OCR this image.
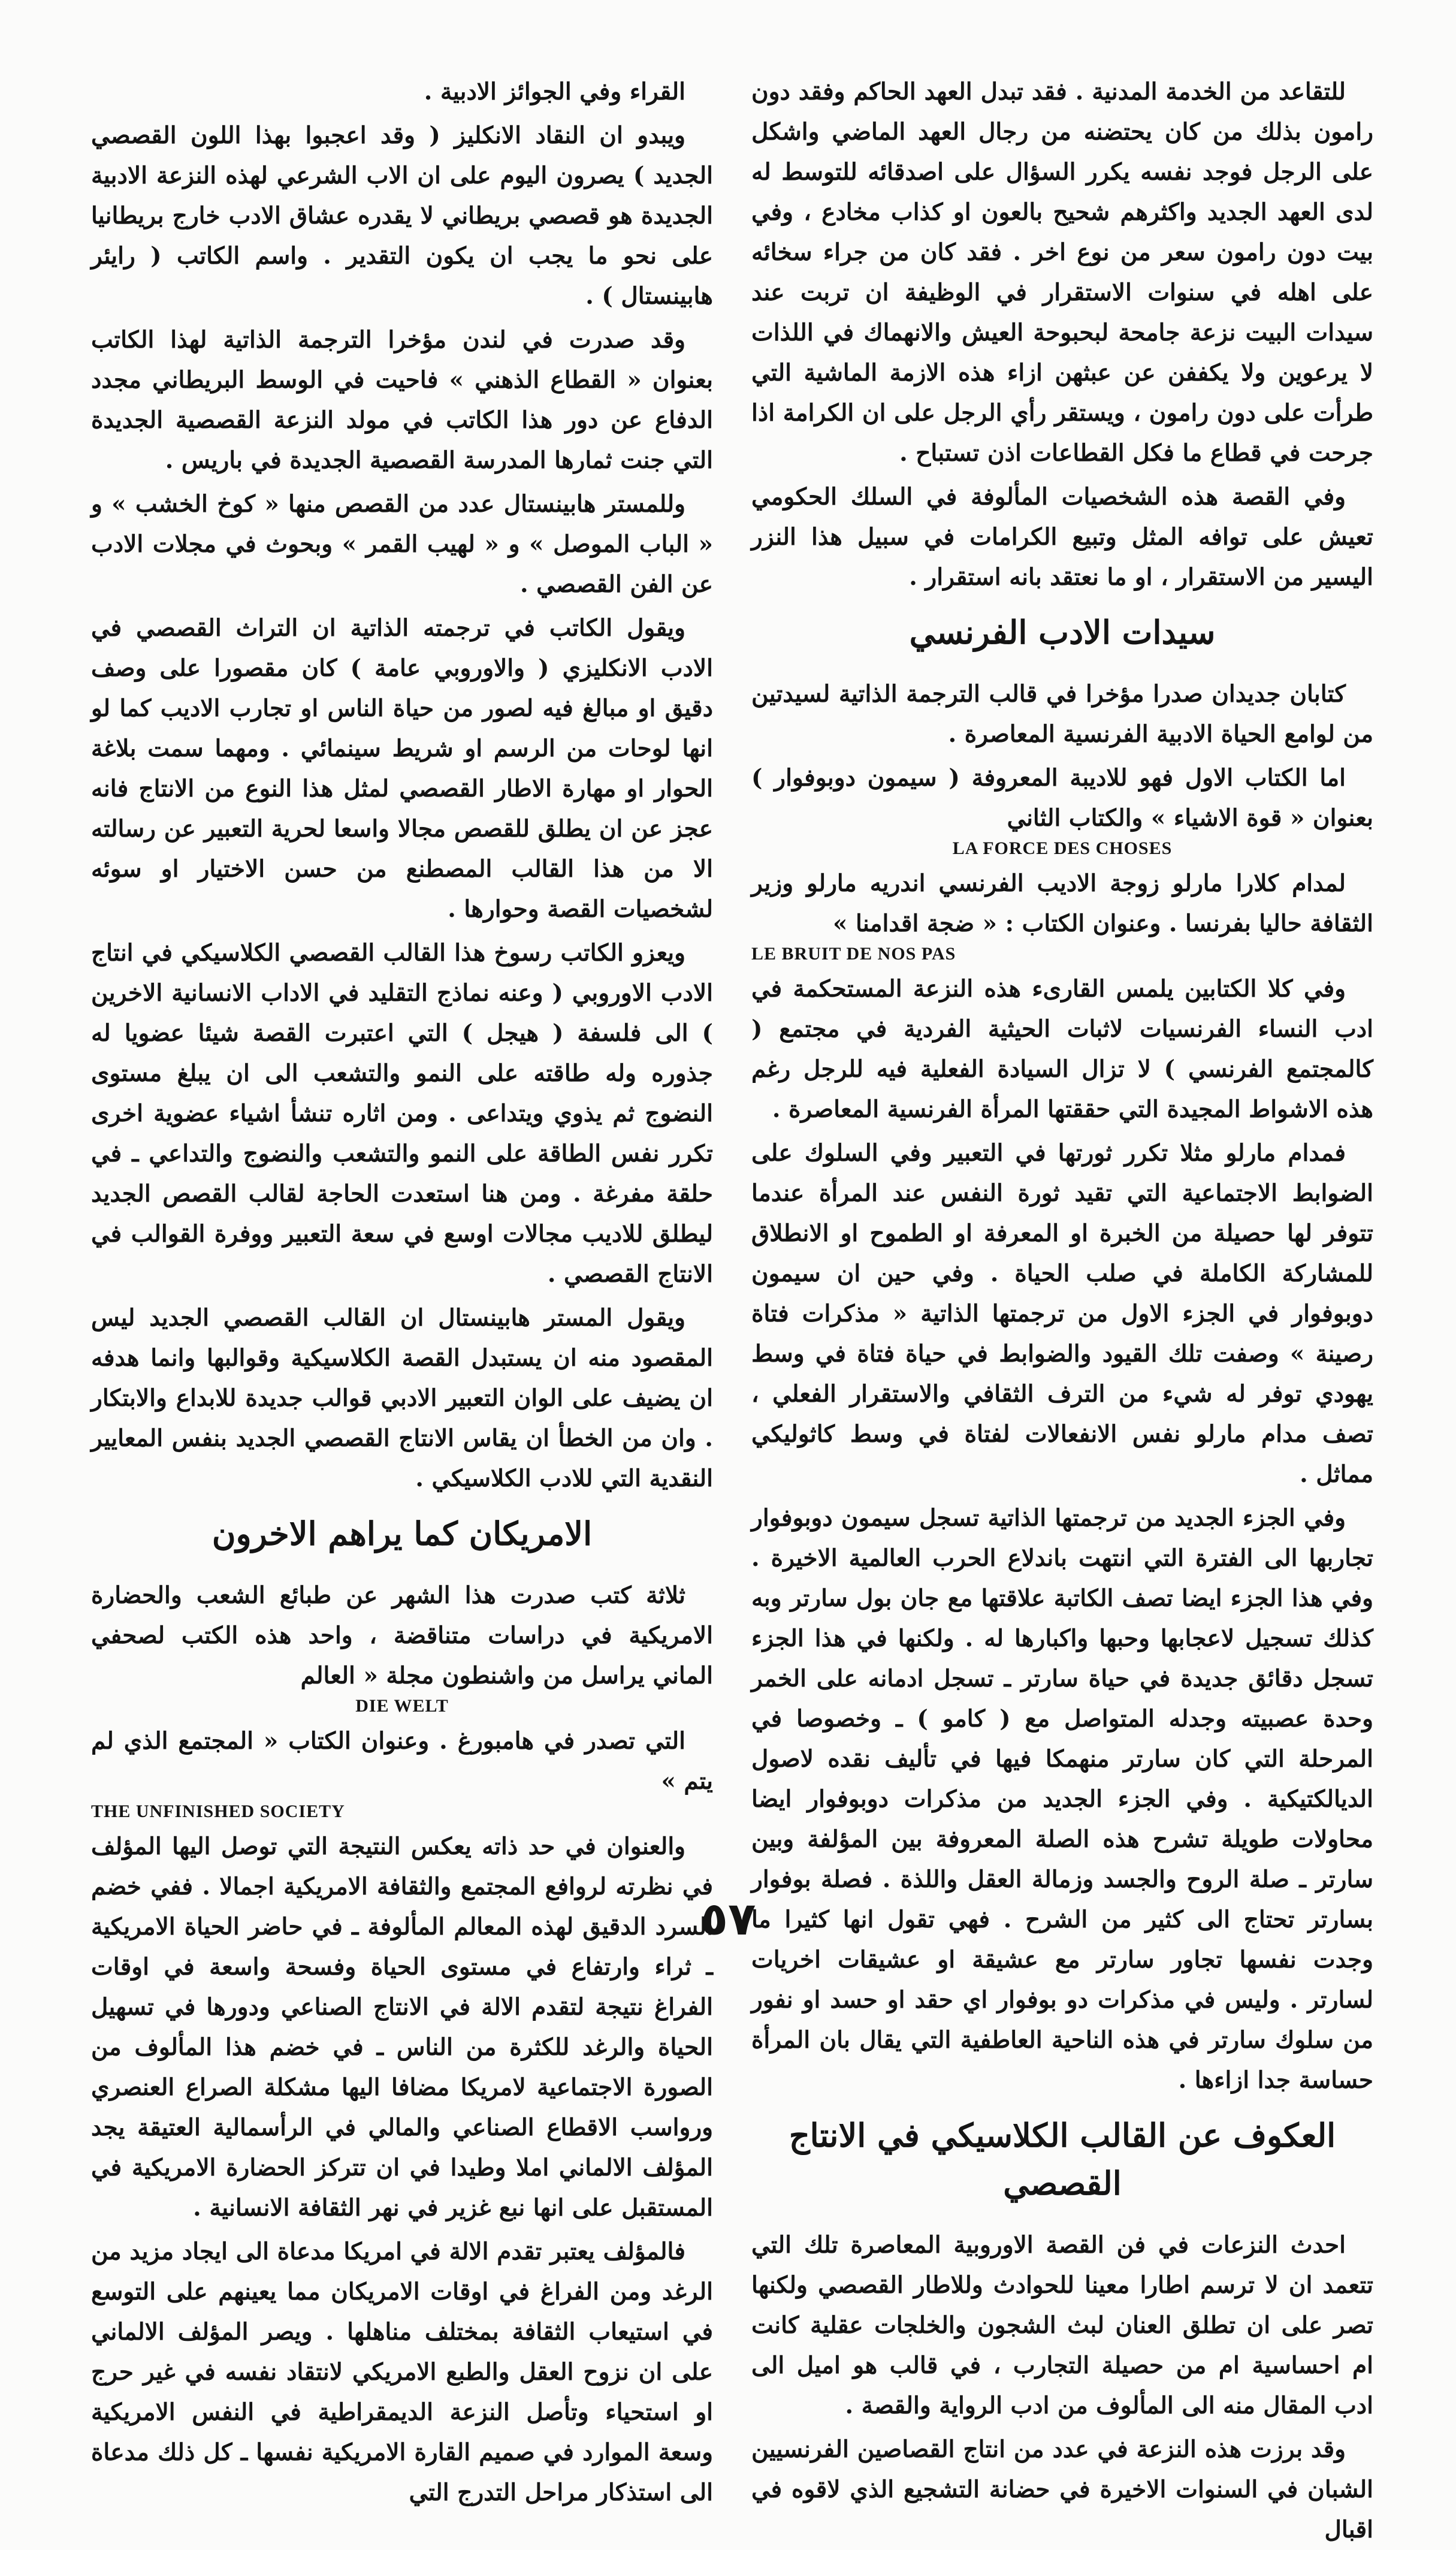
للتقاعد من الخدمة المدنية . فقد تبدل العهد الحاكم وفقد دون رامون بذلك من كان يحتضنه من رجال العهد الماضي واشكل على الرجل فوجد نفسه يكرر السؤال على اصدقائه للتوسط له لدى العهد الجديد واكثرهم شحيح بالعون او كذاب مخادع ، وفي بيت دون رامون سعر من نوع اخر . فقد كان من جراء سخائه على اهله في سنوات الاستقرار في الوظيفة ان تربت عند سيدات البيت نزعة جامحة لبحبوحة العيش والانهماك في اللذات لا يرعوين ولا يكففن عن عبثهن ازاء هذه الازمة الماشية التي طرأت على دون رامون ، ويستقر رأي الرجل على ان الكرامة اذا جرحت في قطاع ما فكل القطاعات اذن تستباح .

وفي القصة هذه الشخصيات المألوفة في السلك الحكومي تعيش على توافه المثل وتبيع الكرامات في سبيل هذا النزر اليسير من الاستقرار ، او ما نعتقد بانه استقرار .

سيدات الادب الفرنسي

كتابان جديدان صدرا مؤخرا في قالب الترجمة الذاتية لسيدتين من لوامع الحياة الادبية الفرنسية المعاصرة .

اما الكتاب الاول فهو للاديبة المعروفة ( سيمون دوبوفوار ) بعنوان « قوة الاشياء » والكتاب الثاني

LA FORCE DES CHOSES

لمدام كلارا مارلو زوجة الاديب الفرنسي اندريه مارلو وزير الثقافة حاليا بفرنسا . وعنوان الكتاب : « ضجة اقدامنا »

LE BRUIT DE NOS PAS

وفي كلا الكتابين يلمس القارىء هذه النزعة المستحكمة في ادب النساء الفرنسيات لاثبات الحيثية الفردية في مجتمع ( كالمجتمع الفرنسي ) لا تزال السيادة الفعلية فيه للرجل رغم هذه الاشواط المجيدة التي حققتها المرأة الفرنسية المعاصرة .

فمدام مارلو مثلا تكرر ثورتها في التعبير وفي السلوك على الضوابط الاجتماعية التي تقيد ثورة النفس عند المرأة عندما تتوفر لها حصيلة من الخبرة او المعرفة او الطموح او الانطلاق للمشاركة الكاملة في صلب الحياة . وفي حين ان سيمون دوبوفوار في الجزء الاول من ترجمتها الذاتية « مذكرات فتاة رصينة » وصفت تلك القيود والضوابط في حياة فتاة في وسط يهودي توفر له شيء من الترف الثقافي والاستقرار الفعلي ، تصف مدام مارلو نفس الانفعالات لفتاة في وسط كاثوليكي مماثل .

وفي الجزء الجديد من ترجمتها الذاتية تسجل سيمون دوبوفوار تجاربها الى الفترة التي انتهت باندلاع الحرب العالمية الاخيرة . وفي هذا الجزء ايضا تصف الكاتبة علاقتها مع جان بول سارتر وبه كذلك تسجيل لاعجابها وحبها واكبارها له . ولكنها في هذا الجزء تسجل دقائق جديدة في حياة سارتر ـ تسجل ادمانه على الخمر وحدة عصبيته وجدله المتواصل مع ( كامو ) ـ وخصوصا في المرحلة التي كان سارتر منهمكا فيها في تأليف نقده لاصول الديالكتيكية . وفي الجزء الجديد من مذكرات دوبوفوار ايضا محاولات طويلة تشرح هذه الصلة المعروفة بين المؤلفة وبين سارتر ـ صلة الروح والجسد وزمالة العقل واللذة . فصلة بوفوار بسارتر تحتاج الى كثير من الشرح . فهي تقول انها كثيرا ما وجدت نفسها تجاور سارتر مع عشيقة او عشيقات اخريات لسارتر . وليس في مذكرات دو بوفوار اي حقد او حسد او نفور من سلوك سارتر في هذه الناحية العاطفية التي يقال بان المرأة حساسة جدا ازاءها .

العكوف عن القالب الكلاسيكي في الانتاج القصصي

احدث النزعات في فن القصة الاوروبية المعاصرة تلك التي تتعمد ان لا ترسم اطارا معينا للحوادث وللاطار القصصي ولكنها تصر على ان تطلق العنان لبث الشجون والخلجات عقلية كانت ام احساسية ام من حصيلة التجارب ، في قالب هو اميل الى ادب المقال منه الى المألوف من ادب الرواية والقصة .

وقد برزت هذه النزعة في عدد من انتاج القصاصين الفرنسيين الشبان في السنوات الاخيرة في حضانة التشجيع الذي لاقوه في اقبال

القراء وفي الجوائز الادبية .

ويبدو ان النقاد الانكليز ( وقد اعجبوا بهذا اللون القصصي الجديد ) يصرون اليوم على ان الاب الشرعي لهذه النزعة الادبية الجديدة هو قصصي بريطاني لا يقدره عشاق الادب خارج بريطانيا على نحو ما يجب ان يكون التقدير . واسم الكاتب ( رايئر هابينستال ) .

وقد صدرت في لندن مؤخرا الترجمة الذاتية لهذا الكاتب بعنوان « القطاع الذهني » فاحيت في الوسط البريطاني مجدد الدفاع عن دور هذا الكاتب في مولد النزعة القصصية الجديدة التي جنت ثمارها المدرسة القصصية الجديدة في باريس .

وللمستر هابينستال عدد من القصص منها « كوخ الخشب » و « الباب الموصل » و « لهيب القمر » وبحوث في مجلات الادب عن الفن القصصي .

ويقول الكاتب في ترجمته الذاتية ان التراث القصصي في الادب الانكليزي ( والاوروبي عامة ) كان مقصورا على وصف دقيق او مبالغ فيه لصور من حياة الناس او تجارب الاديب كما لو انها لوحات من الرسم او شريط سينمائي . ومهما سمت بلاغة الحوار او مهارة الاطار القصصي لمثل هذا النوع من الانتاج فانه عجز عن ان يطلق للقصص مجالا واسعا لحرية التعبير عن رسالته الا من هذا القالب المصطنع من حسن الاختيار او سوئه لشخصيات القصة وحوارها .

ويعزو الكاتب رسوخ هذا القالب القصصي الكلاسيكي في انتاج الادب الاوروبي ( وعنه نماذج التقليد في الاداب الانسانية الاخرين ) الى فلسفة ( هيجل ) التي اعتبرت القصة شيئا عضويا له جذوره وله طاقته على النمو والتشعب الى ان يبلغ مستوى النضوج ثم يذوي ويتداعى . ومن اثاره تنشأ اشياء عضوية اخرى تكرر نفس الطاقة على النمو والتشعب والنضوج والتداعي ـ في حلقة مفرغة . ومن هنا استعدت الحاجة لقالب القصص الجديد ليطلق للاديب مجالات اوسع في سعة التعبير ووفرة القوالب في الانتاج القصصي .

ويقول المستر هابينستال ان القالب القصصي الجديد ليس المقصود منه ان يستبدل القصة الكلاسيكية وقوالبها وانما هدفه ان يضيف على الوان التعبير الادبي قوالب جديدة للابداع والابتكار . وان من الخطأ ان يقاس الانتاج القصصي الجديد بنفس المعايير النقدية التي للادب الكلاسيكي .

الامريكان كما يراهم الاخرون

ثلاثة كتب صدرت هذا الشهر عن طبائع الشعب والحضارة الامريكية في دراسات متناقضة ، واحد هذه الكتب لصحفي الماني يراسل من واشنطون مجلة « العالم

DIE WELT

التي تصدر في هامبورغ . وعنوان الكتاب « المجتمع الذي لم يتم »

THE UNFINISHED SOCIETY

والعنوان في حد ذاته يعكس النتيجة التي توصل اليها المؤلف في نظرته لروافع المجتمع والثقافة الامريكية اجمالا . ففي خضم السرد الدقيق لهذه المعالم المألوفة ـ في حاضر الحياة الامريكية ـ ثراء وارتفاع في مستوى الحياة وفسحة واسعة في اوقات الفراغ نتيجة لتقدم الالة في الانتاج الصناعي ودورها في تسهيل الحياة والرغد للكثرة من الناس ـ في خضم هذا المألوف من الصورة الاجتماعية لامريكا مضافا اليها مشكلة الصراع العنصري ورواسب الاقطاع الصناعي والمالي في الرأسمالية العتيقة يجد المؤلف الالماني املا وطيدا في ان تتركز الحضارة الامريكية في المستقبل على انها نبع غزير في نهر الثقافة الانسانية .

فالمؤلف يعتبر تقدم الالة في امريكا مدعاة الى ايجاد مزيد من الرغد ومن الفراغ في اوقات الامريكان مما يعينهم على التوسع في استيعاب الثقافة بمختلف مناهلها . ويصر المؤلف الالماني على ان نزوح العقل والطبع الامريكي لانتقاد نفسه في غير حرج او استحياء وتأصل النزعة الديمقراطية في النفس الامريكية وسعة الموارد في صميم القارة الامريكية نفسها ـ كل ذلك مدعاة الى استذكار مراحل التدرج التي

٥٧
